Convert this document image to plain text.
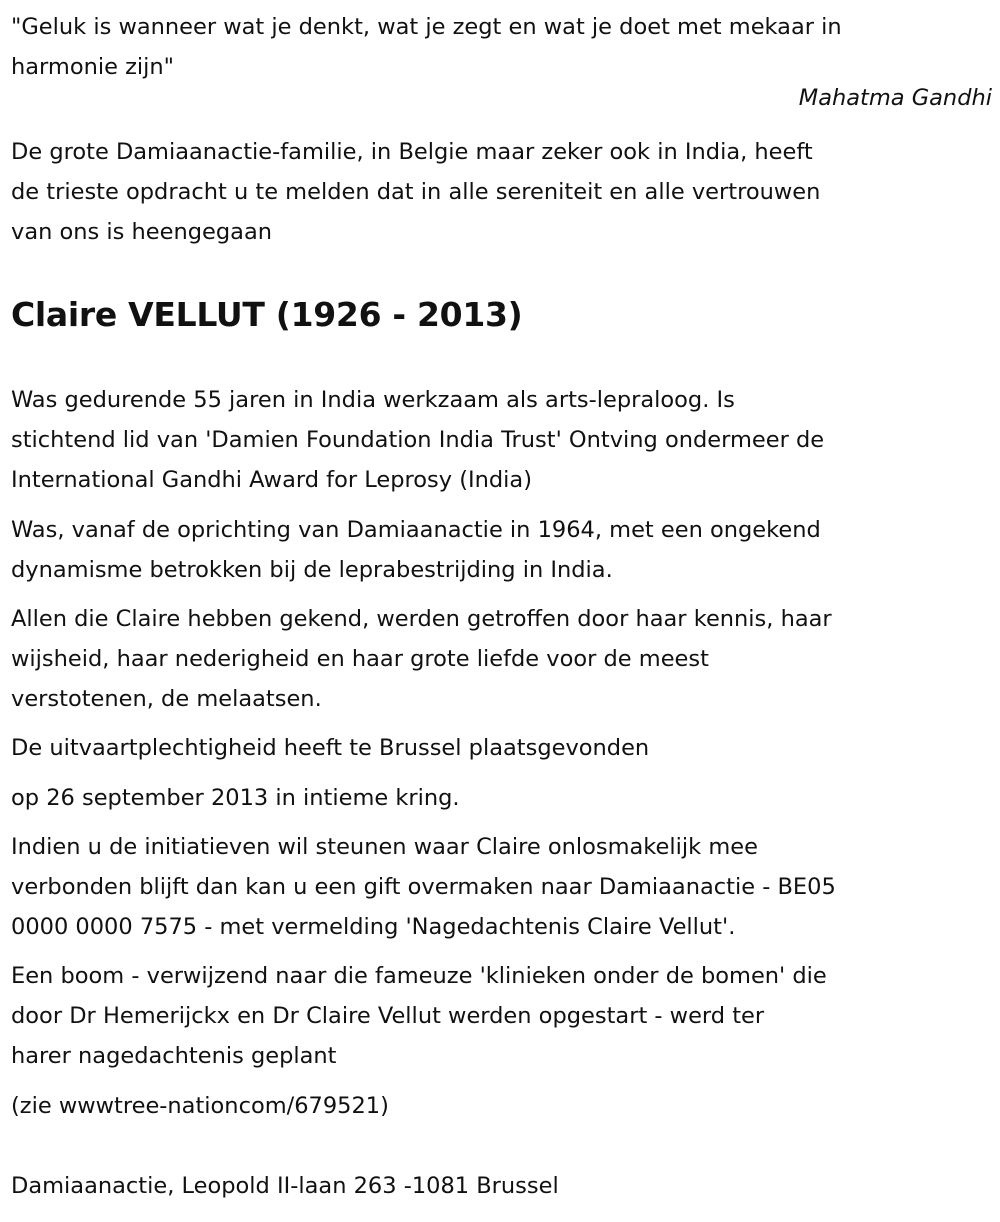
"Geluk is wanneer wat je denkt, wat je zegt en wat je doet met mekaar in
harmonie zijn"

Mahatma Gandhi

De grote Damiaanactie-familie, in Belgie maar zeker ook in India, heeft
de trieste opdracht u te melden dat in alle sereniteit en alle vertrouwen
van ons is heengegaan

Claire VELLUT (1926 - 2013)

Was gedurende 55 jaren in India werkzaam als arts-lepraloog. Is
stichtend lid van 'Damien Foundation India Trust' Ontving ondermeer de
International Gandhi Award for Leprosy (India)

Was, vanaf de oprichting van Damiaanactie in 1964, met een ongekend
dynamisme betrokken bij de leprabestrijding in India.

Allen die Claire hebben gekend, werden getroffen door haar kennis, haar
wijsheid, haar nederigheid en haar grote liefde voor de meest
verstotenen, de melaatsen.

De uitvaartplechtigheid heeft te Brussel plaatsgevonden

op 26 september 2013 in intieme kring.

Indien u de initiatieven wil steunen waar Claire onlosmakelijk mee
verbonden blijft dan kan u een gift overmaken naar Damiaanactie - BE05
0000 0000 7575 - met vermelding 'Nagedachtenis Claire Vellut'.

Een boom - verwijzend naar die fameuze 'klinieken onder de bomen' die
door Dr Hemerijckx en Dr Claire Vellut werden opgestart - werd ter
harer nagedachtenis geplant

(zie wwwtree-nationcom/679521)

Damiaanactie, Leopold II-laan 263 -1081 Brussel
